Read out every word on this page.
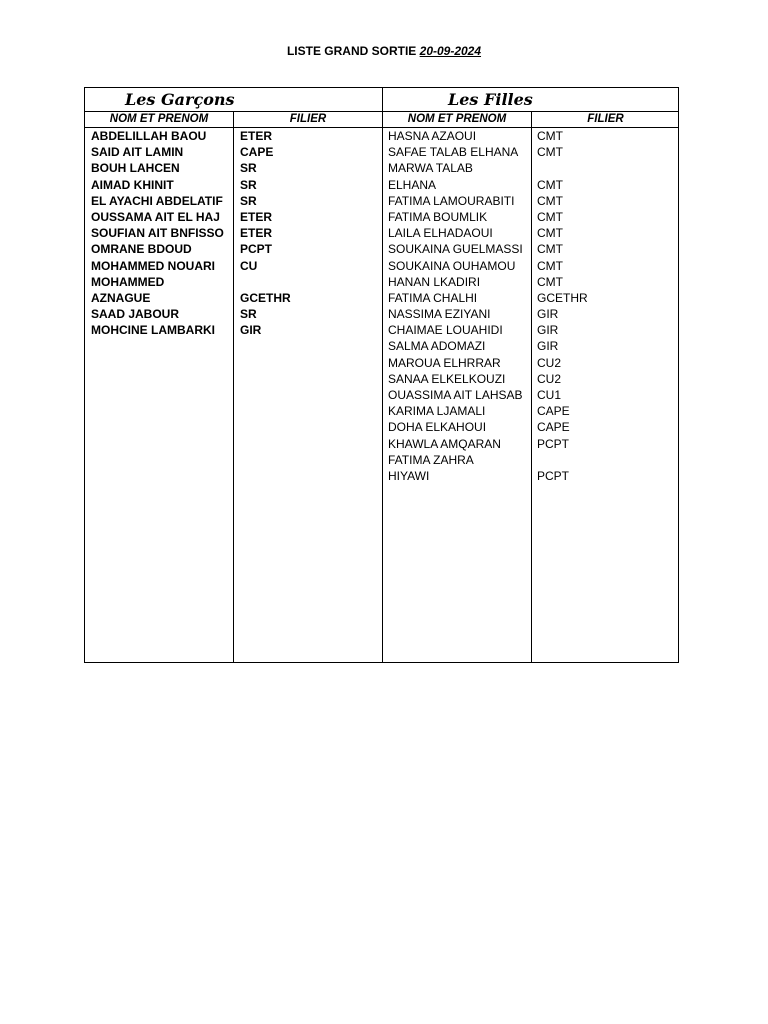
LISTE GRAND SORTIE 20-09-2024
Les Garçons	Les Filles
NOM ET PRENOM	FILIER	NOM ET PRENOM	FILIER
ABDELILLAH BAOU	ETER
SAID AIT LAMIN	CAPE
BOUH LAHCEN	SR
AIMAD KHINIT	SR
EL AYACHI ABDELATIF SR
OUSSAMA AIT EL HAJ ETER
SOUFIAN AIT BNFISSO ETER
OMRANE BDOUD	PCPT
MOHAMMED NOUARI CU
MOHAMMED
AZNAGUE	GCETHR
SAAD JABOUR	SR
MOHCINE LAMBARKI GIR
HASNA AZAOUI	CMT
SAFAE TALAB ELHANA CMT
MARWA TALAB
ELHANA	CMT
FATIMA LAMOURABITI CMT
FATIMA BOUMLIK	CMT
LAILA ELHADAOUI	CMT
SOUKAINA GUELMASSI CMT
SOUKAINA OUHAMOU CMT
HANAN LKADIRI	CMT
FATIMA CHALHI	GCETHR
NASSIMA EZIYANI	GIR
CHAIMAE LOUAHIDI	GIR
SALMA ADOMAZI	GIR
MAROUA ELHRRAR	CU2
SANAA ELKELKOUZI	CU2
OUASSIMA AIT LAHSAB CU1
KARIMA LJAMALI	CAPE
DOHA ELKAHOUI	CAPE
KHAWLA AMQARAN	PCPT
FATIMA ZAHRA
HIYAWI	PCPT
